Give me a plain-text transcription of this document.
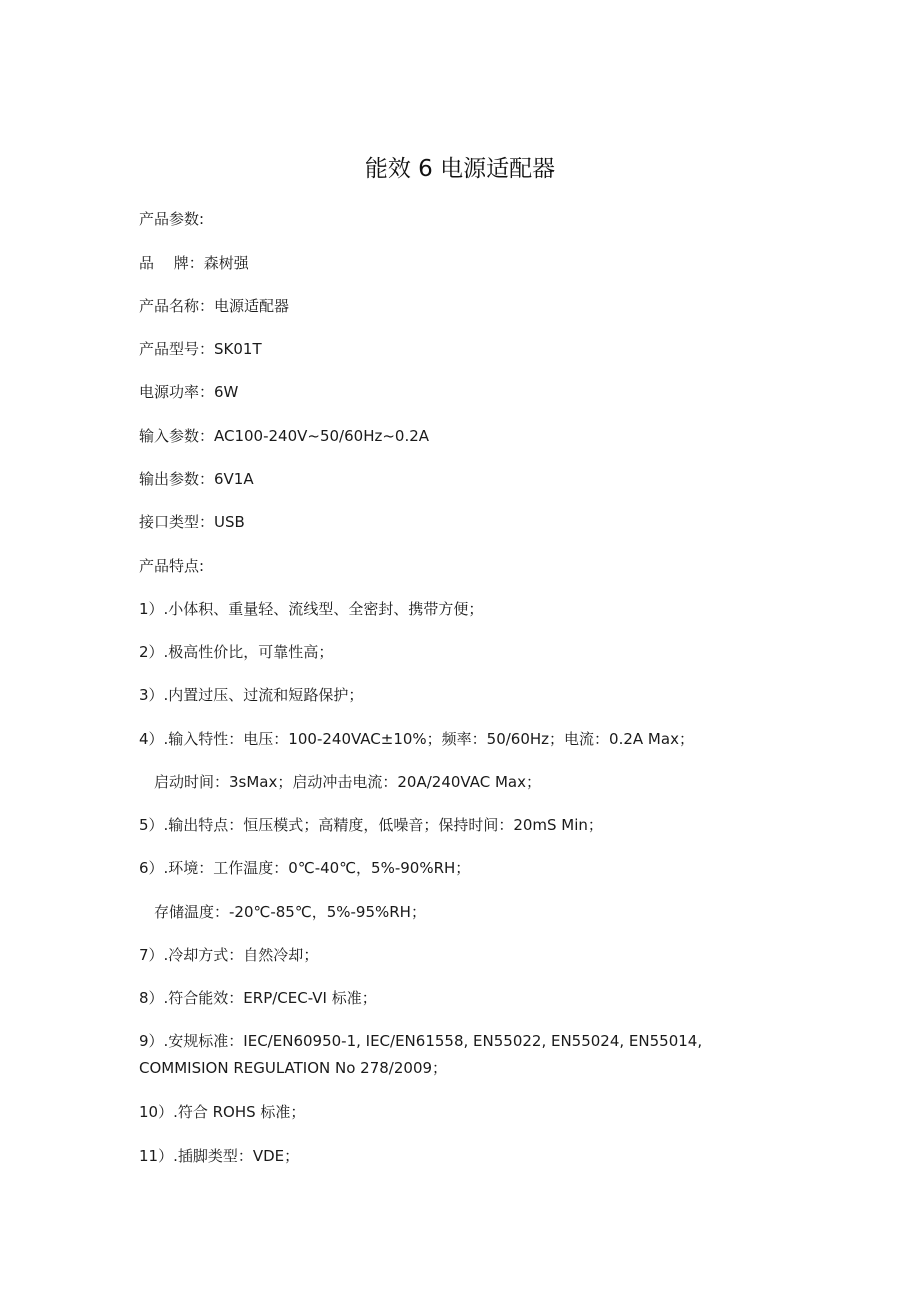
能效 6 电源适配器
产品参数:
品 　牌：森树强
产品名称：电源适配器
产品型号：SK01T
电源功率：6W
输入参数：AC100-240V~50/60Hz~0.2A
输出参数：6V1A
接口类型：USB
产品特点:
1）.小体积、重量轻、流线型、全密封、携带方便；
2）.极高性价比，可靠性高；
3）.内置过压、过流和短路保护；
4）.输入特性：电压：100-240VAC±10%；频率：50/60Hz；电流：0.2A Max；
启动时间：3sMax；启动冲击电流：20A/240VAC Max；
5）.输出特点：恒压模式；高精度，低噪音；保持时间：20mS Min；
6）.环境：工作温度：0℃-40℃，5%-90%RH；
存储温度：-20℃-85℃，5%-95%RH；
7）.冷却方式：自然冷却；
8）.符合能效：ERP/CEC-VI 标准；
9）.安规标准：IEC/EN60950-1, IEC/EN61558, EN55022, EN55024, EN55014, COMMISION REGULATION No 278/2009；
10）.符合 ROHS 标准；
11）.插脚类型：VDE；
